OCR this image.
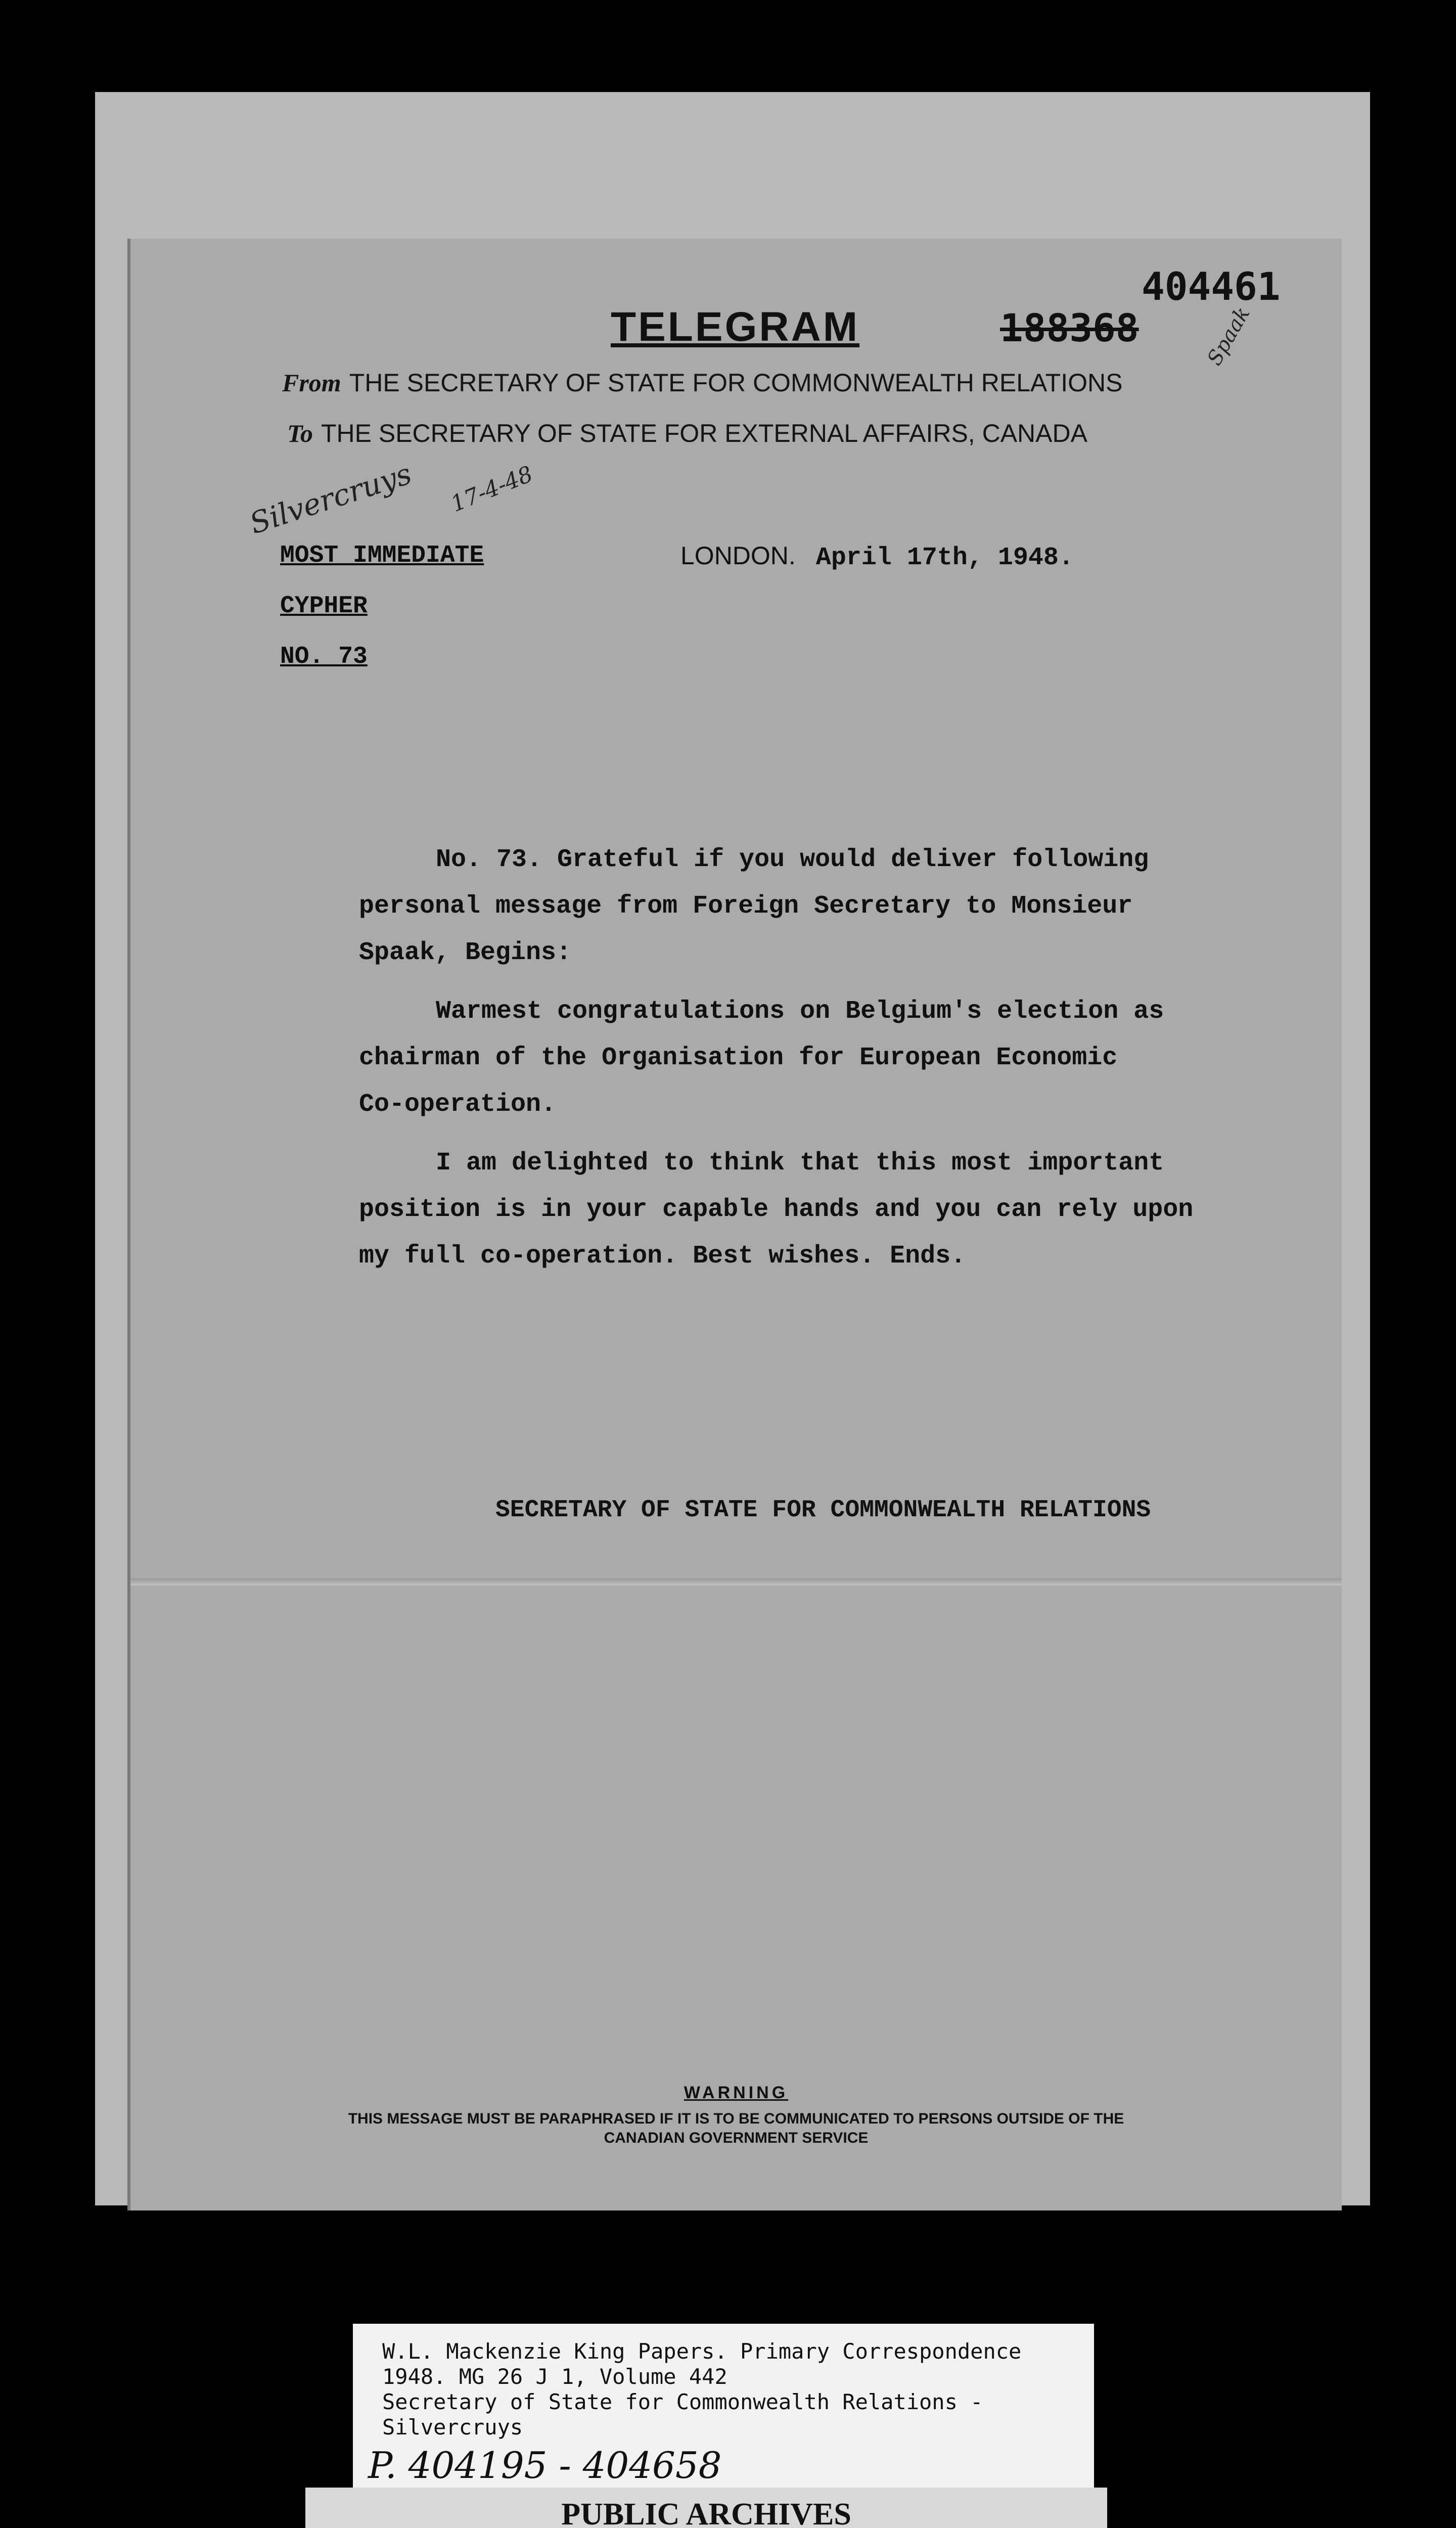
404461
TELEGRAM	188368	Spaak
From THE SECRETARY OF STATE FOR COMMONWEALTH RELATIONS
To THE SECRETARY OF STATE FOR EXTERNAL AFFAIRS, CANADA
Silvercruys 17-4-48
MOST IMMEDIATE
CYPHER
NO. 73
LONDON. April 17th, 1948.
No. 73. Grateful if you would deliver following
personal message from Foreign Secretary to Monsieur
Spaak, Begins:
Warmest congratulations on Belgium's election as
chairman of the Organisation for European Economic
Co-operation.
I am delighted to think that this most important
position is in your capable hands and you can rely upon
my full co-operation. Best wishes. Ends.
SECRETARY OF STATE FOR COMMONWEALTH RELATIONS
WARNING
THIS MESSAGE MUST BE PARAPHRASED IF IT IS TO BE COMMUNICATED TO PERSONS OUTSIDE OF THE
CANADIAN GOVERNMENT SERVICE
W.L. Mackenzie King Papers. Primary Correspondence
1948. MG 26 J 1, Volume 442
Secretary of State for Commonwealth Relations -
Silvercruys
P. 404195 - 404658
PUBLIC ARCHIVES
